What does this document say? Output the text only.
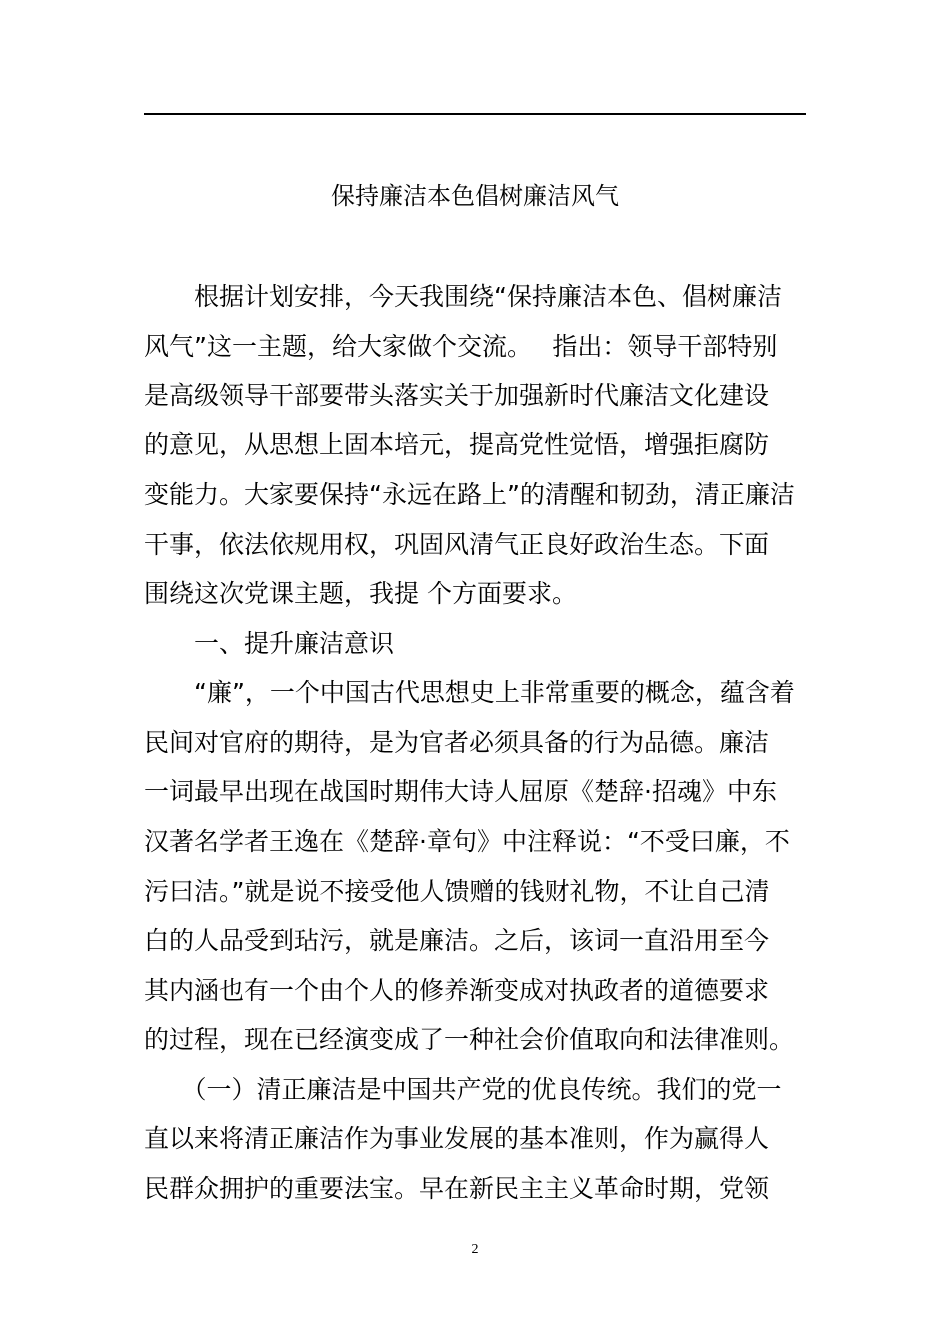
保持廉洁本色倡树廉洁风气
　　根据计划安排，今天我围绕“保持廉洁本色、倡树廉洁
风气”这一主题，给大家做个交流。　 指出：领导干部特别
是高级领导干部要带头落实关于加强新时代廉洁文化建设
的意见，从思想上固本培元，提高党性觉悟，增强拒腐防
变能力。大家要保持“永远在路上”的清醒和韧劲，清正廉洁
干事，依法依规用权，巩固风清气正良好政治生态。下面
围绕这次党课主题，我提 个方面要求。
　　一、提升廉洁意识
　　“廉”，一个中国古代思想史上非常重要的概念，蕴含着
民间对官府的期待，是为官者必须具备的行为品德。廉洁
一词最早出现在战国时期伟大诗人屈原《楚辞·招魂》中东
汉著名学者王逸在《楚辞·章句》中注释说：“不受曰廉，不
污曰洁。”就是说不接受他人馈赠的钱财礼物，不让自己清
白的人品受到玷污，就是廉洁。之后，该词一直沿用至今
其内涵也有一个由个人的修养渐变成对执政者的道德要求
的过程，现在已经演变成了一种社会价值取向和法律准则。
　　（一）清正廉洁是中国共产党的优良传统。我们的党一
直以来将清正廉洁作为事业发展的基本准则，作为赢得人
民群众拥护的重要法宝。早在新民主主义革命时期，党领
2
